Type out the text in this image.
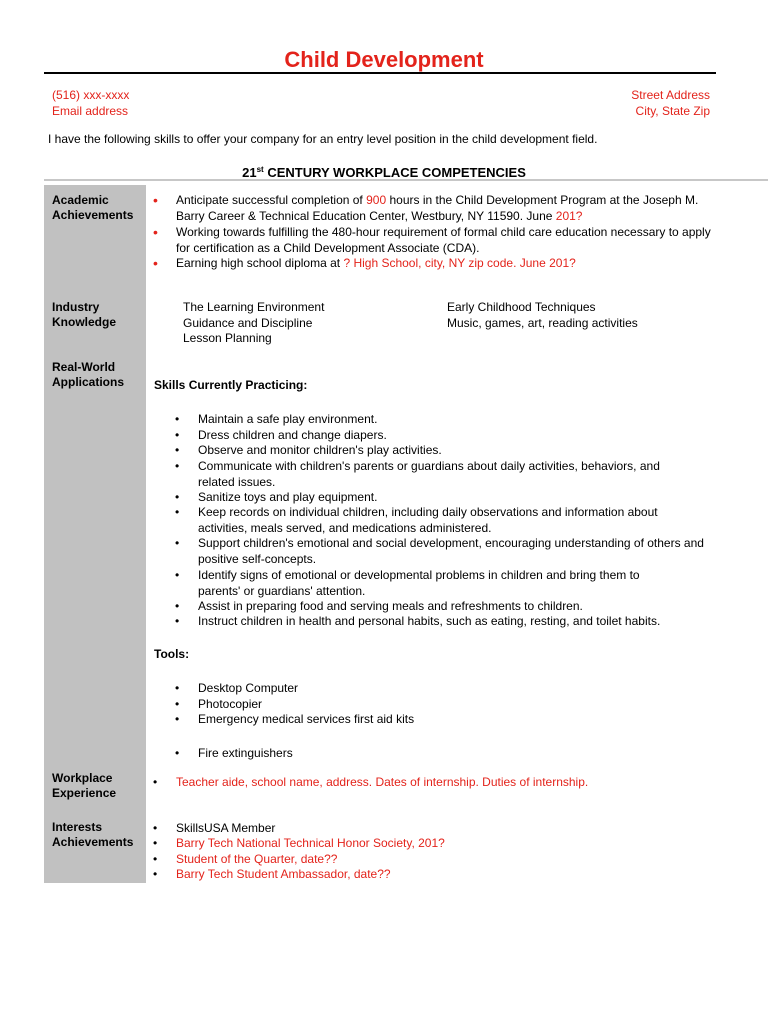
Child Development
(516) xxx-xxxx
Email address
Street Address
City, State Zip
I have the following skills to offer your company for an entry level position in the child development field.
21st CENTURY WORKPLACE COMPETENCIES
Academic
Achievements
Industry
Knowledge
Real-World
Applications
Workplace
Experience
Interests
Achievements
• Anticipate successful completion of 900 hours in the Child Development Program at the Joseph M. Barry Career & Technical Education Center, Westbury, NY 11590. June 201?
• Working towards fulfilling the 480-hour requirement of formal child care education necessary to apply for certification as a Child Development Associate (CDA).
• Earning high school diploma at ? High School, city, NY zip code. June 201?
The Learning Environment
Guidance and Discipline
Lesson Planning
Early Childhood Techniques
Music, games, art, reading activities
Skills Currently Practicing:
• Maintain a safe play environment.
• Dress children and change diapers.
• Observe and monitor children's play activities.
• Communicate with children's parents or guardians about daily activities, behaviors, and related issues.
• Sanitize toys and play equipment.
• Keep records on individual children, including daily observations and information about activities, meals served, and medications administered.
• Support children's emotional and social development, encouraging understanding of others and positive self-concepts.
• Identify signs of emotional or developmental problems in children and bring them to parents' or guardians' attention.
• Assist in preparing food and serving meals and refreshments to children.
• Instruct children in health and personal habits, such as eating, resting, and toilet habits.
Tools:
• Desktop Computer
• Photocopier
• Emergency medical services first aid kits
• Fire extinguishers
• Teacher aide, school name, address. Dates of internship. Duties of internship.
• SkillsUSA Member
• Barry Tech National Technical Honor Society, 201?
• Student of the Quarter, date??
• Barry Tech Student Ambassador, date??
